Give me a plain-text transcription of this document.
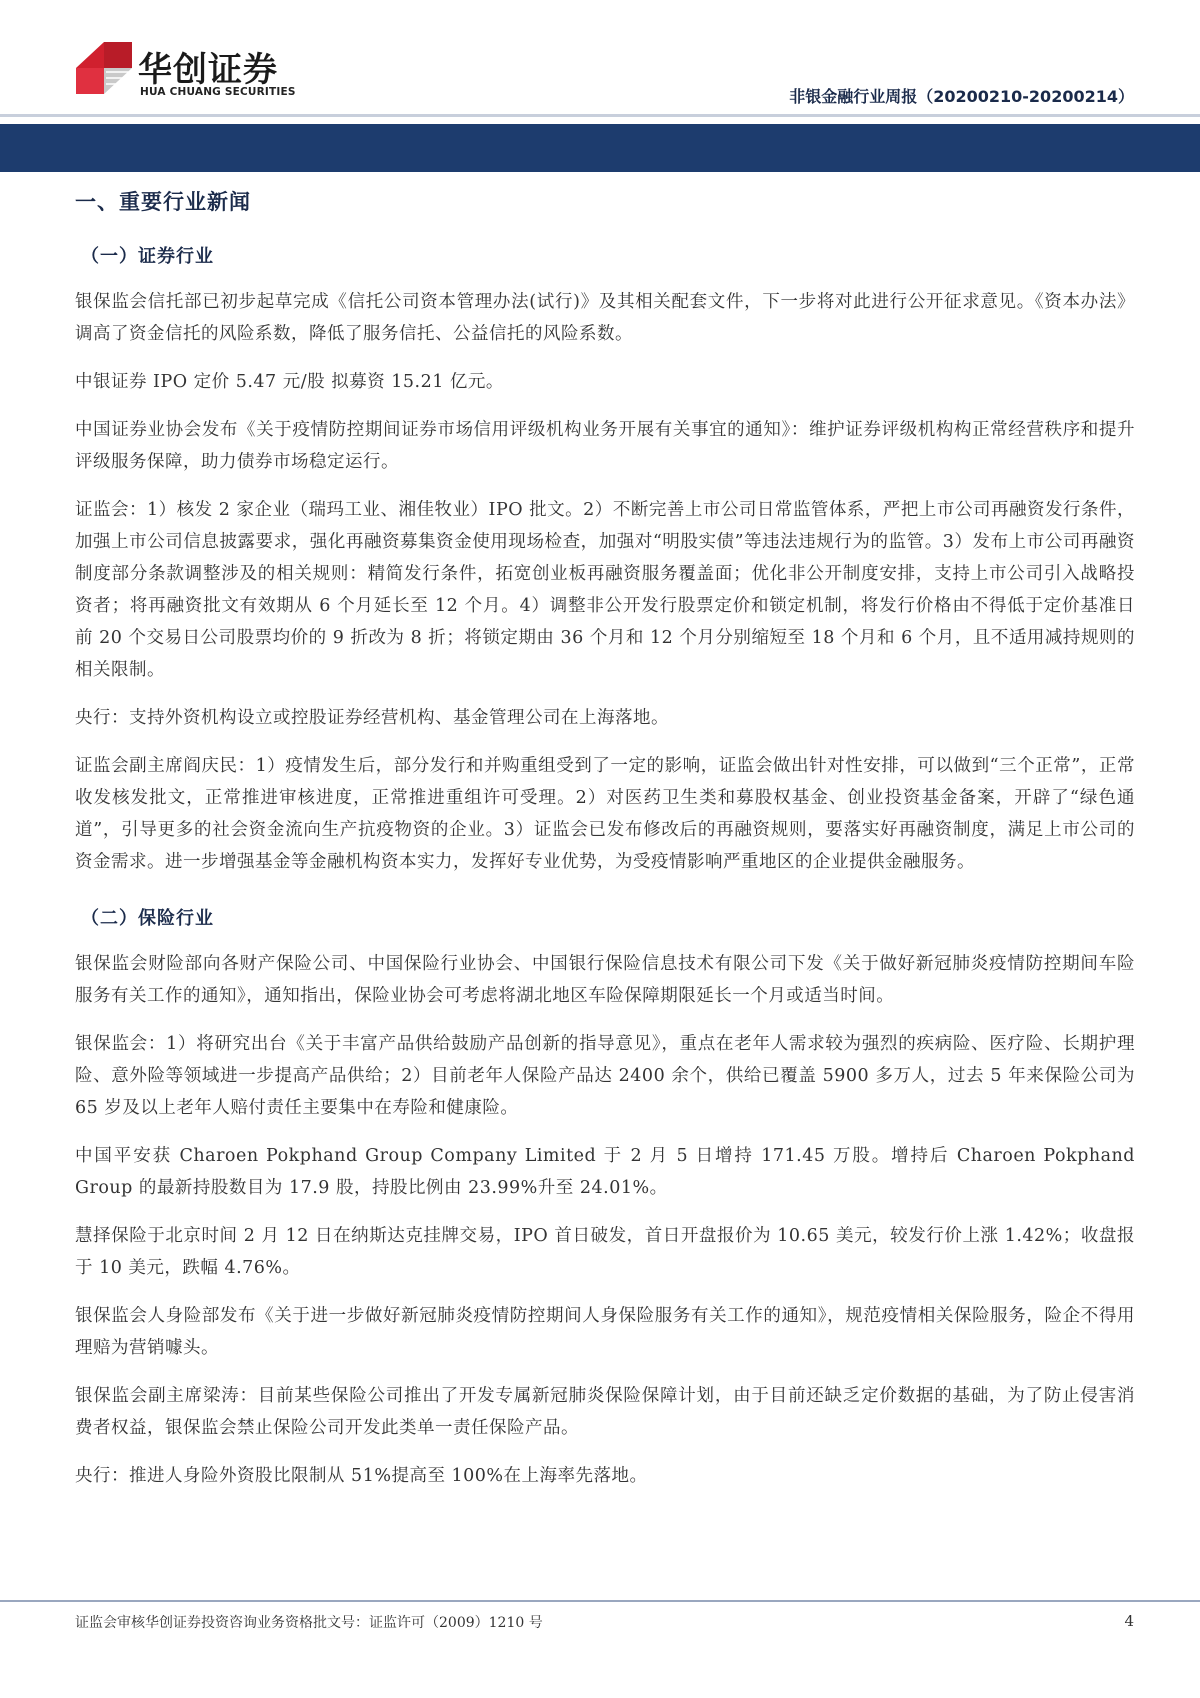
华创证券
HUA CHUANG SECURITIES	非银金融行业周报（20200210-20200214）
一、重要行业新闻
（一）证券行业

银保监会信托部已初步起草完成《信托公司资本管理办法(试行)》及其相关配套文件，下一步将对此进行公开征求意见。《资本办法》调高了资金信托的风险系数，降低了服务信托、公益信托的风险系数。

中银证券 IPO 定价 5.47 元/股 拟募资 15.21 亿元。

中国证券业协会发布《关于疫情防控期间证券市场信用评级机构业务开展有关事宜的通知》：维护证券评级机构构正常经营秩序和提升评级服务保障，助力债券市场稳定运行。

证监会：1）核发 2 家企业（瑞玛工业、湘佳牧业）IPO 批文。2）不断完善上市公司日常监管体系，严把上市公司再融资发行条件，加强上市公司信息披露要求，强化再融资募集资金使用现场检查，加强对“明股实债”等违法违规行为的监管。3）发布上市公司再融资制度部分条款调整涉及的相关规则：精简发行条件，拓宽创业板再融资服务覆盖面；优化非公开制度安排，支持上市公司引入战略投资者；将再融资批文有效期从 6 个月延长至 12 个月。4）调整非公开发行股票定价和锁定机制，将发行价格由不得低于定价基准日前 20 个交易日公司股票均价的 9 折改为 8 折；将锁定期由 36 个月和 12 个月分别缩短至 18 个月和 6 个月，且不适用减持规则的相关限制。

央行：支持外资机构设立或控股证券经营机构、基金管理公司在上海落地。

证监会副主席阎庆民：1）疫情发生后，部分发行和并购重组受到了一定的影响，证监会做出针对性安排，可以做到“三个正常”，正常收发核发批文，正常推进审核进度，正常推进重组许可受理。2）对医药卫生类和募股权基金、创业投资基金备案，开辟了“绿色通道”，引导更多的社会资金流向生产抗疫物资的企业。3）证监会已发布修改后的再融资规则，要落实好再融资制度，满足上市公司的资金需求。进一步增强基金等金融机构资本实力，发挥好专业优势，为受疫情影响严重地区的企业提供金融服务。

（二）保险行业

银保监会财险部向各财产保险公司、中国保险行业协会、中国银行保险信息技术有限公司下发《关于做好新冠肺炎疫情防控期间车险服务有关工作的通知》，通知指出，保险业协会可考虑将湖北地区车险保障期限延长一个月或适当时间。

银保监会：1）将研究出台《关于丰富产品供给鼓励产品创新的指导意见》，重点在老年人需求较为强烈的疾病险、医疗险、长期护理险、意外险等领域进一步提高产品供给；2）目前老年人保险产品达 2400 余个，供给已覆盖 5900 多万人，过去 5 年来保险公司为 65 岁及以上老年人赔付责任主要集中在寿险和健康险。

中国平安获 Charoen Pokphand Group Company Limited 于 2 月 5 日增持 171.45 万股。增持后 Charoen Pokphand Group 的最新持股数目为 17.9 股，持股比例由 23.99%升至 24.01%。

慧择保险于北京时间 2 月 12 日在纳斯达克挂牌交易，IPO 首日破发，首日开盘报价为 10.65 美元，较发行价上涨 1.42%；收盘报于 10 美元，跌幅 4.76%。

银保监会人身险部发布《关于进一步做好新冠肺炎疫情防控期间人身保险服务有关工作的通知》，规范疫情相关保险服务，险企不得用理赔为营销噱头。

银保监会副主席梁涛：目前某些保险公司推出了开发专属新冠肺炎保险保障计划，由于目前还缺乏定价数据的基础，为了防止侵害消费者权益，银保监会禁止保险公司开发此类单一责任保险产品。

央行：推进人身险外资股比限制从 51%提高至 100%在上海率先落地。

证监会审核华创证券投资咨询业务资格批文号：证监许可（2009）1210 号	4
